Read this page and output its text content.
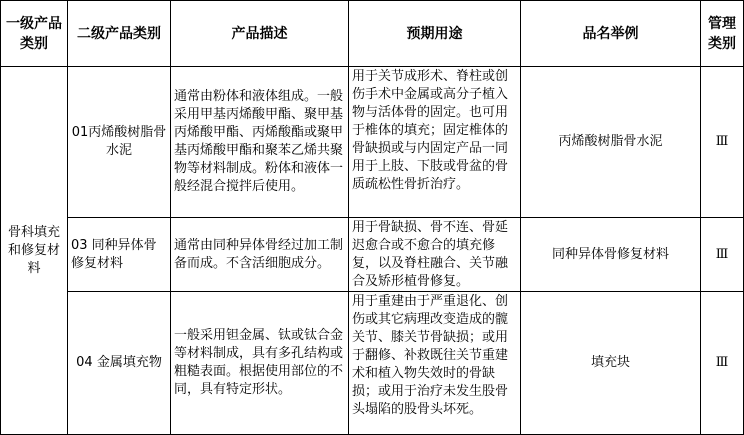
一级产品类别	二级产品类别	产品描述	预期用途	品名举例	管理类别
骨科填充和修复材料	01丙烯酸树脂骨水泥	通常由粉体和液体组成。一般采用甲基丙烯酸甲酯、聚甲基丙烯酸甲酯、丙烯酸酯或聚甲基丙烯酸甲酯和聚苯乙烯共聚物等材料制成。粉体和液体一般经混合搅拌后使用。	用于关节成形术、脊柱或创伤手术中金属或高分子植入物与活体骨的固定。也可用于椎体的填充；固定椎体的骨缺损或与内固定产品一同用于上肢、下肢或骨盆的骨质疏松性骨折治疗。	丙烯酸树脂骨水泥	Ⅲ
	03 同种异体骨修复材料	通常由同种异体骨经过加工制备而成。不含活细胞成分。	用于骨缺损、骨不连、骨延迟愈合或不愈合的填充修复，以及脊柱融合、关节融合及矫形植骨修复。	同种异体骨修复材料	Ⅲ
	04 金属填充物	一般采用钽金属、钛或钛合金等材料制成，具有多孔结构或粗糙表面。根据使用部位的不同，具有特定形状。	用于重建由于严重退化、创伤或其它病理改变造成的髋关节、膝关节骨缺损；或用于翻修、补救既往关节重建术和植入物失效时的骨缺损；或用于治疗未发生股骨头塌陷的股骨头坏死。	填充块	Ⅲ
